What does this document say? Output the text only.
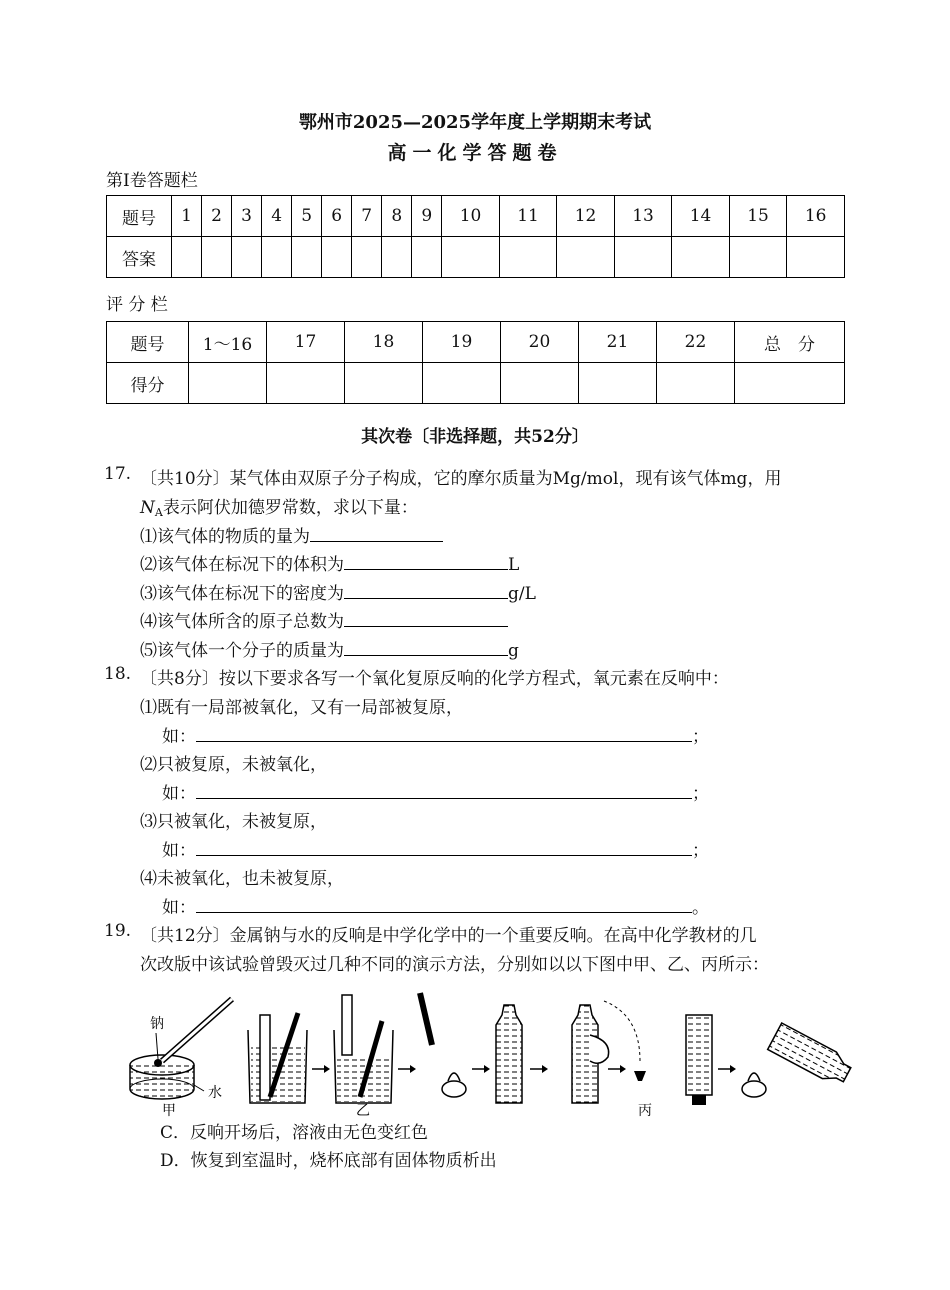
鄂州市2025—2025学年度上学期期末考试
高一化学答题卷
第Ⅰ卷答题栏
题号	1	2	3	4	5	6	7	8	9	10	11	12	13	14	15	16
答案																
评 分 栏
题号	1～16	17	18	19	20	21	22	总　分
得分								
其次卷〔非选择题，共52分〕
17. 〔共10分〕某气体由双原子分子构成，它的摩尔质量为Mg/mol，现有该气体mg，用
$N_A$表示阿伏加德罗常数，求以下量：
⑴该气体的物质的量为
⑵该气体在标况下的体积为	L
⑶该气体在标况下的密度为	g/L
⑷该气体所含的原子总数为
⑸该气体一个分子的质量为	g
18. 〔共8分〕按以下要求各写一个氧化复原反响的化学方程式，氧元素在反响中：
⑴既有一局部被氧化，又有一局部被复原，
如：	；
⑵只被复原，未被氧化，
如：	；
⑶只被氧化，未被复原，
如：	；
⑷未被氧化，也未被复原，
如：	。
19. 〔共12分〕金属钠与水的反响是中学化学中的一个重要反响。在高中化学教材的几
次改版中该试验曾毁灭过几种不同的演示方法，分别如以以下图中甲、乙、丙所示：
钠
水
甲	乙	丙
C．反响开场后，溶液由无色变红色
D．恢复到室温时，烧杯底部有固体物质析出
